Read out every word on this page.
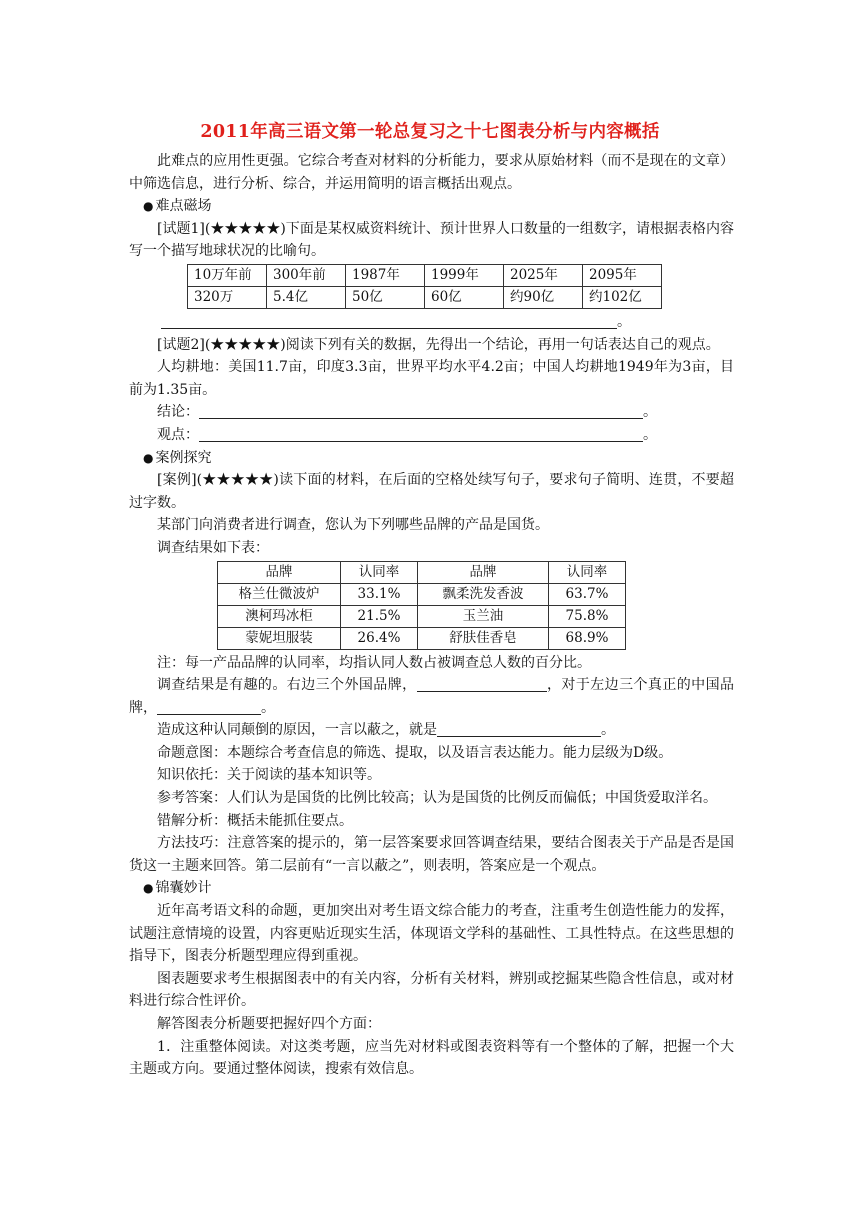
2011年高三语文第一轮总复习之十七图表分析与内容概括

此难点的应用性更强。它综合考查对材料的分析能力，要求从原始材料（而不是现在的文章）中筛选信息，进行分析、综合，并运用简明的语言概括出观点。

● 难点磁场

[试题1](★★★★★)下面是某权威资料统计、预计世界人口数量的一组数字，请根据表格内容写一个描写地球状况的比喻句。

10万年前	300年前	1987年	1999年	2025年	2095年
320万	5.4亿	50亿	60亿	约90亿	约102亿

。

[试题2](★★★★★)阅读下列有关的数据，先得出一个结论，再用一句话表达自己的观点。

人均耕地：美国11.7亩，印度3.3亩，世界平均水平4.2亩；中国人均耕地1949年为3亩，目前为1.35亩。

结论：	。

观点：	。

● 案例探究

[案例](★★★★★)读下面的材料，在后面的空格处续写句子，要求句子简明、连贯，不要超过字数。

某部门向消费者进行调查，您认为下列哪些品牌的产品是国货。

调查结果如下表：

品牌	认同率	品牌	认同率
格兰仕微波炉	33.1%	飘柔洗发香波	63.7%
澳柯玛冰柜	21.5%	玉兰油	75.8%
蒙妮坦服装	26.4%	舒肤佳香皂	68.9%

注：每一产品品牌的认同率，均指认同人数占被调查总人数的百分比。

调查结果是有趣的。右边三个外国品牌，	，对于左边三个真正的中国品牌，	。

造成这种认同颠倒的原因，一言以蔽之，就是	。

命题意图：本题综合考查信息的筛选、提取，以及语言表达能力。能力层级为D级。

知识依托：关于阅读的基本知识等。

参考答案：人们认为是国货的比例比较高；认为是国货的比例反而偏低；中国货爱取洋名。

错解分析：概括未能抓住要点。

方法技巧：注意答案的提示的，第一层答案要求回答调查结果，要结合图表关于产品是否是国货这一主题来回答。第二层前有“一言以蔽之”，则表明，答案应是一个观点。

● 锦囊妙计

近年高考语文科的命题，更加突出对考生语文综合能力的考查，注重考生创造性能力的发挥，试题注意情境的设置，内容更贴近现实生活，体现语文学科的基础性、工具性特点。在这些思想的指导下，图表分析题型理应得到重视。

图表题要求考生根据图表中的有关内容，分析有关材料，辨别或挖掘某些隐含性信息，或对材料进行综合性评价。

解答图表分析题要把握好四个方面：

1．注重整体阅读。对这类考题，应当先对材料或图表资料等有一个整体的了解，把握一个大主题或方向。要通过整体阅读，搜索有效信息。
